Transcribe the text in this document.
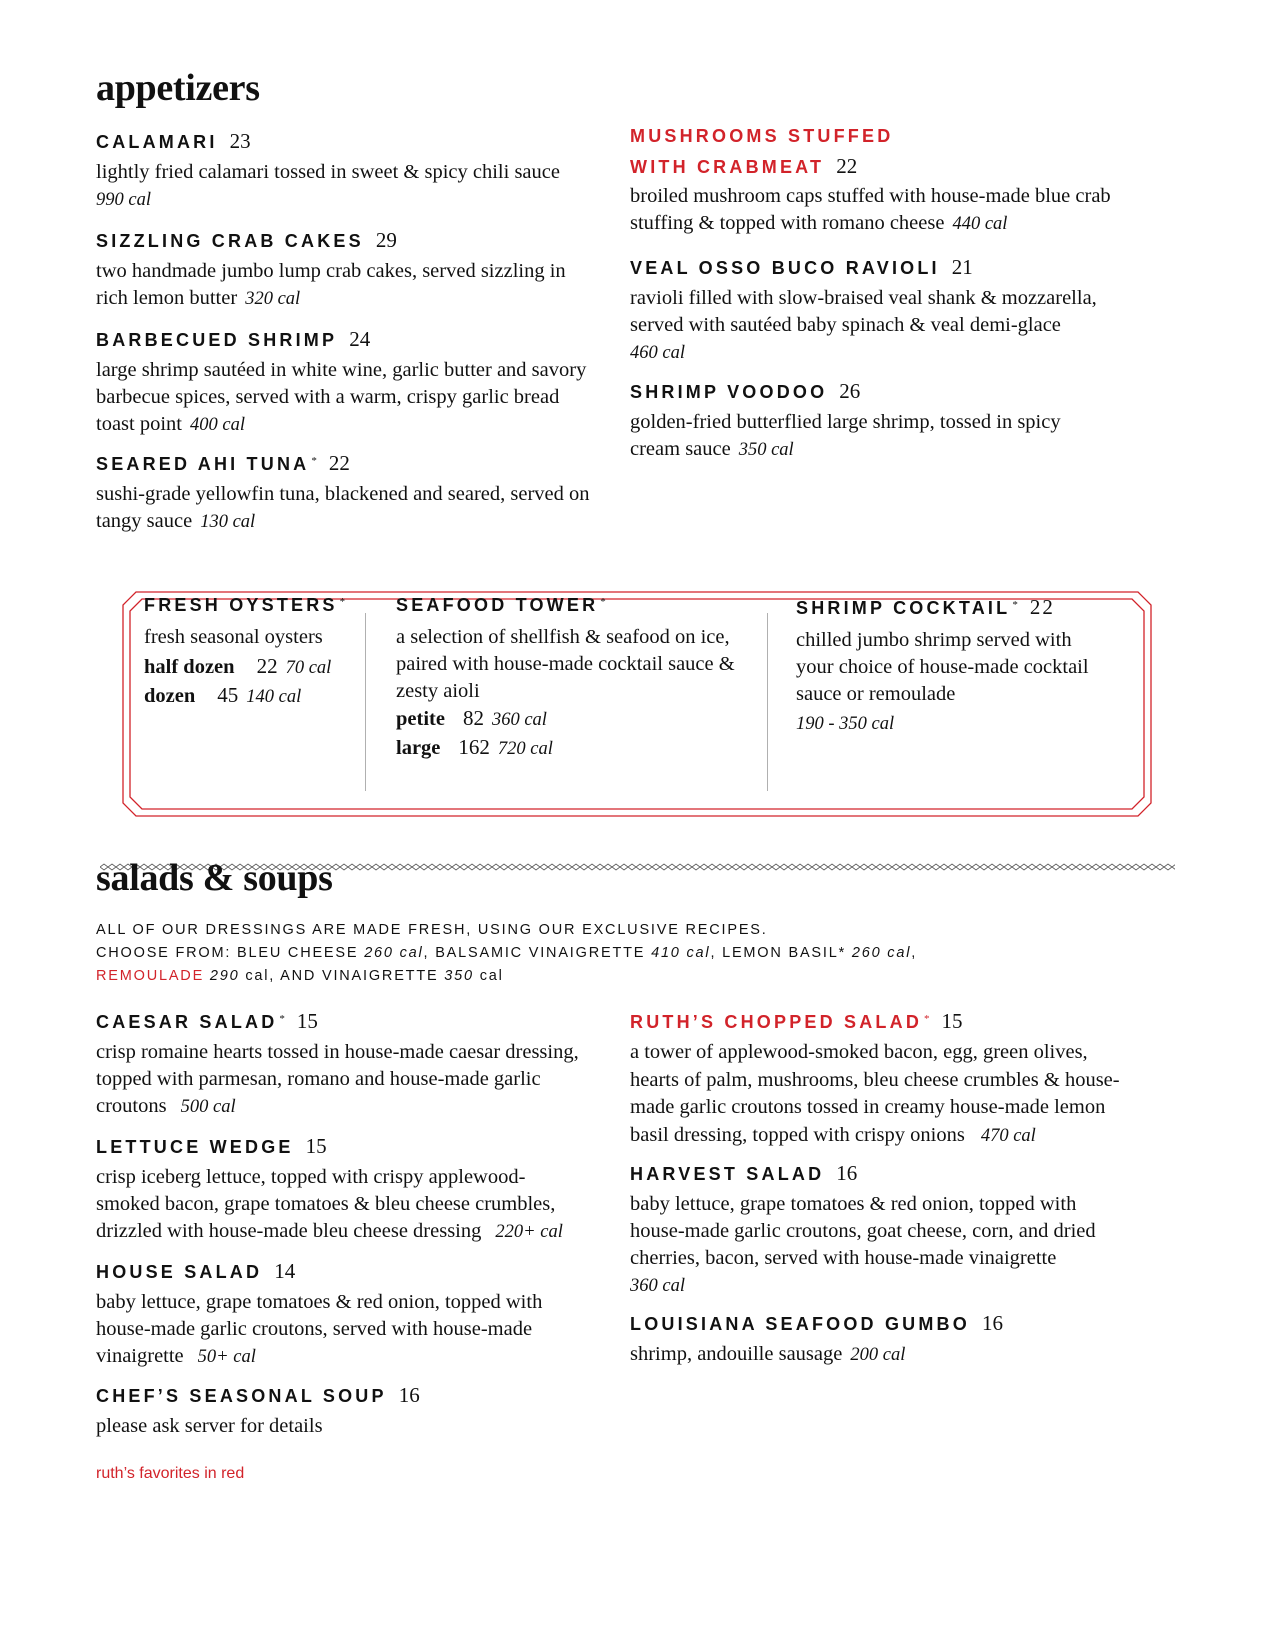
appetizers
CALAMARI 23
lightly fried calamari tossed in sweet & spicy chili sauce
990 cal
SIZZLING CRAB CAKES 29
two handmade jumbo lump crab cakes, served sizzling in rich lemon butter 320 cal
BARBECUED SHRIMP 24
large shrimp sautéed in white wine, garlic butter and savory barbecue spices, served with a warm, crispy garlic bread toast point 400 cal
SEARED AHI TUNA * 22
sushi-grade yellowfin tuna, blackened and seared, served on tangy sauce 130 cal
MUSHROOMS STUFFED
WITH CRABMEAT 22
broiled mushroom caps stuffed with house-made blue crab stuffing & topped with romano cheese 440 cal
VEAL OSSO BUCO RAVIOLI 21
ravioli filled with slow-braised veal shank & mozzarella, served with sautéed baby spinach & veal demi-glace
460 cal
SHRIMP VOODOO 26
golden-fried butterflied large shrimp, tossed in spicy cream sauce 350 cal
FRESH OYSTERS *
fresh seasonal oysters
half dozen 22 70 cal
dozen 45 140 cal
SEAFOOD TOWER *
a selection of shellfish & seafood on ice, paired with house-made cocktail sauce & zesty aioli
petite 82 360 cal
large 162 720 cal
SHRIMP COCKTAIL * 22
chilled jumbo shrimp served with your choice of house-made cocktail sauce or remoulade
190 - 350 cal
salads & soups
ALL OF OUR DRESSINGS ARE MADE FRESH, USING OUR EXCLUSIVE RECIPES.
CHOOSE FROM: BLEU CHEESE 260 cal, BALSAMIC VINAIGRETTE 410 cal, LEMON BASIL* 260 cal,
REMOULADE 290 cal, AND VINAIGRETTE 350 cal
CAESAR SALAD * 15
crisp romaine hearts tossed in house-made caesar dressing, topped with parmesan, romano and house-made garlic croutons 500 cal
LETTUCE WEDGE 15
crisp iceberg lettuce, topped with crispy applewood-smoked bacon, grape tomatoes & bleu cheese crumbles, drizzled with house-made bleu cheese dressing 220+ cal
HOUSE SALAD 14
baby lettuce, grape tomatoes & red onion, topped with house-made garlic croutons, served with house-made vinaigrette 50+ cal
CHEF’S SEASONAL SOUP 16
please ask server for details
RUTH’S CHOPPED SALAD * 15
a tower of applewood-smoked bacon, egg, green olives, hearts of palm, mushrooms, bleu cheese crumbles & house-made garlic croutons tossed in creamy house-made lemon basil dressing, topped with crispy onions 470 cal
HARVEST SALAD 16
baby lettuce, grape tomatoes & red onion, topped with house-made garlic croutons, goat cheese, corn, and dried cherries, bacon, served with house-made vinaigrette
360 cal
LOUISIANA SEAFOOD GUMBO 16
shrimp, andouille sausage 200 cal
ruth’s favorites in red
